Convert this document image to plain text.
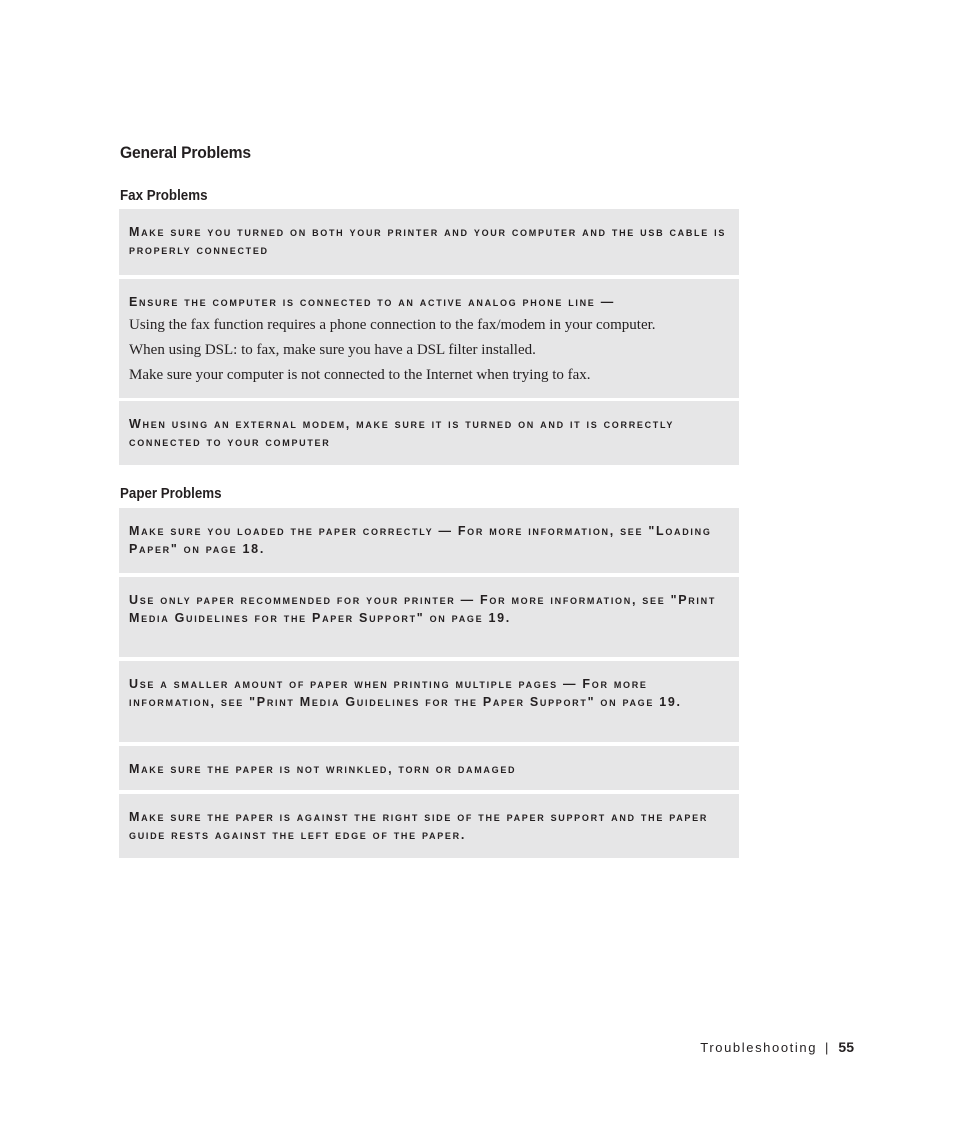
General Problems
Fax Problems

Make sure you turned on both your printer and your computer and the usb cable is properly connected

Ensure the computer is connected to an active analog phone line —

Using the fax function requires a phone connection to the fax/modem in your computer.

When using DSL: to fax, make sure you have a DSL filter installed.

Make sure your computer is not connected to the Internet when trying to fax.

When using an external modem, make sure it is turned on and it is correctly connected to your computer

Paper Problems

Make sure you loaded the paper correctly — For more information, see "Loading Paper" on page 18.

Use only paper recommended for your printer — For more information, see "Print Media Guidelines for the Paper Support" on page 19.

Use a smaller amount of paper when printing multiple pages — For more information, see "Print Media Guidelines for the Paper Support" on page 19.

Make sure the paper is not wrinkled, torn or damaged

Make sure the paper is against the right side of the paper support and the paper guide rests against the left edge of the paper.

Troubleshooting | 55
